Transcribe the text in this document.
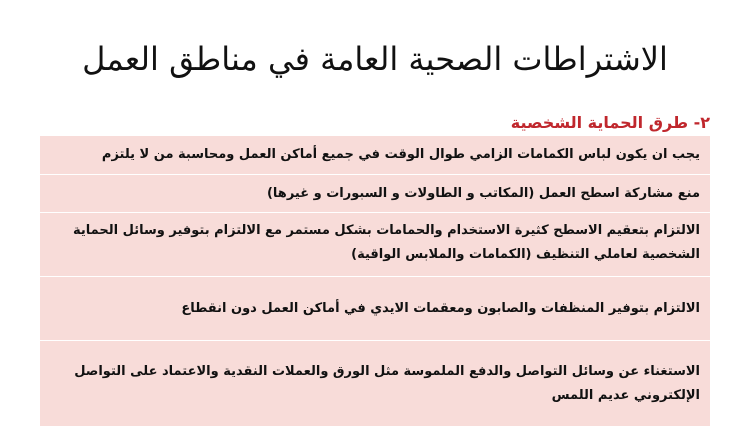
الاشتراطات الصحية العامة في مناطق العمل
٢- طرق الحماية الشخصية
يجب ان يكون لباس الكمامات الزامي طوال الوقت في جميع أماكن العمل ومحاسبة من لا يلتزم
منع مشاركة اسطح العمل (المكاتب و الطاولات و السبورات و غيرها)
الالتزام بتعقيم الاسطح كثيرة الاستخدام والحمامات بشكل مستمر مع الالتزام بتوفير وسائل الحماية الشخصية لعاملي التنظيف (الكمامات والملابس الواقية)
الالتزام بتوفير المنظفات والصابون ومعقمات الايدي في أماكن العمل دون انقطاع
الاستغناء عن وسائل التواصل والدفع الملموسة مثل الورق والعملات النقدية والاعتماد على التواصل الإلكتروني عديم اللمس
